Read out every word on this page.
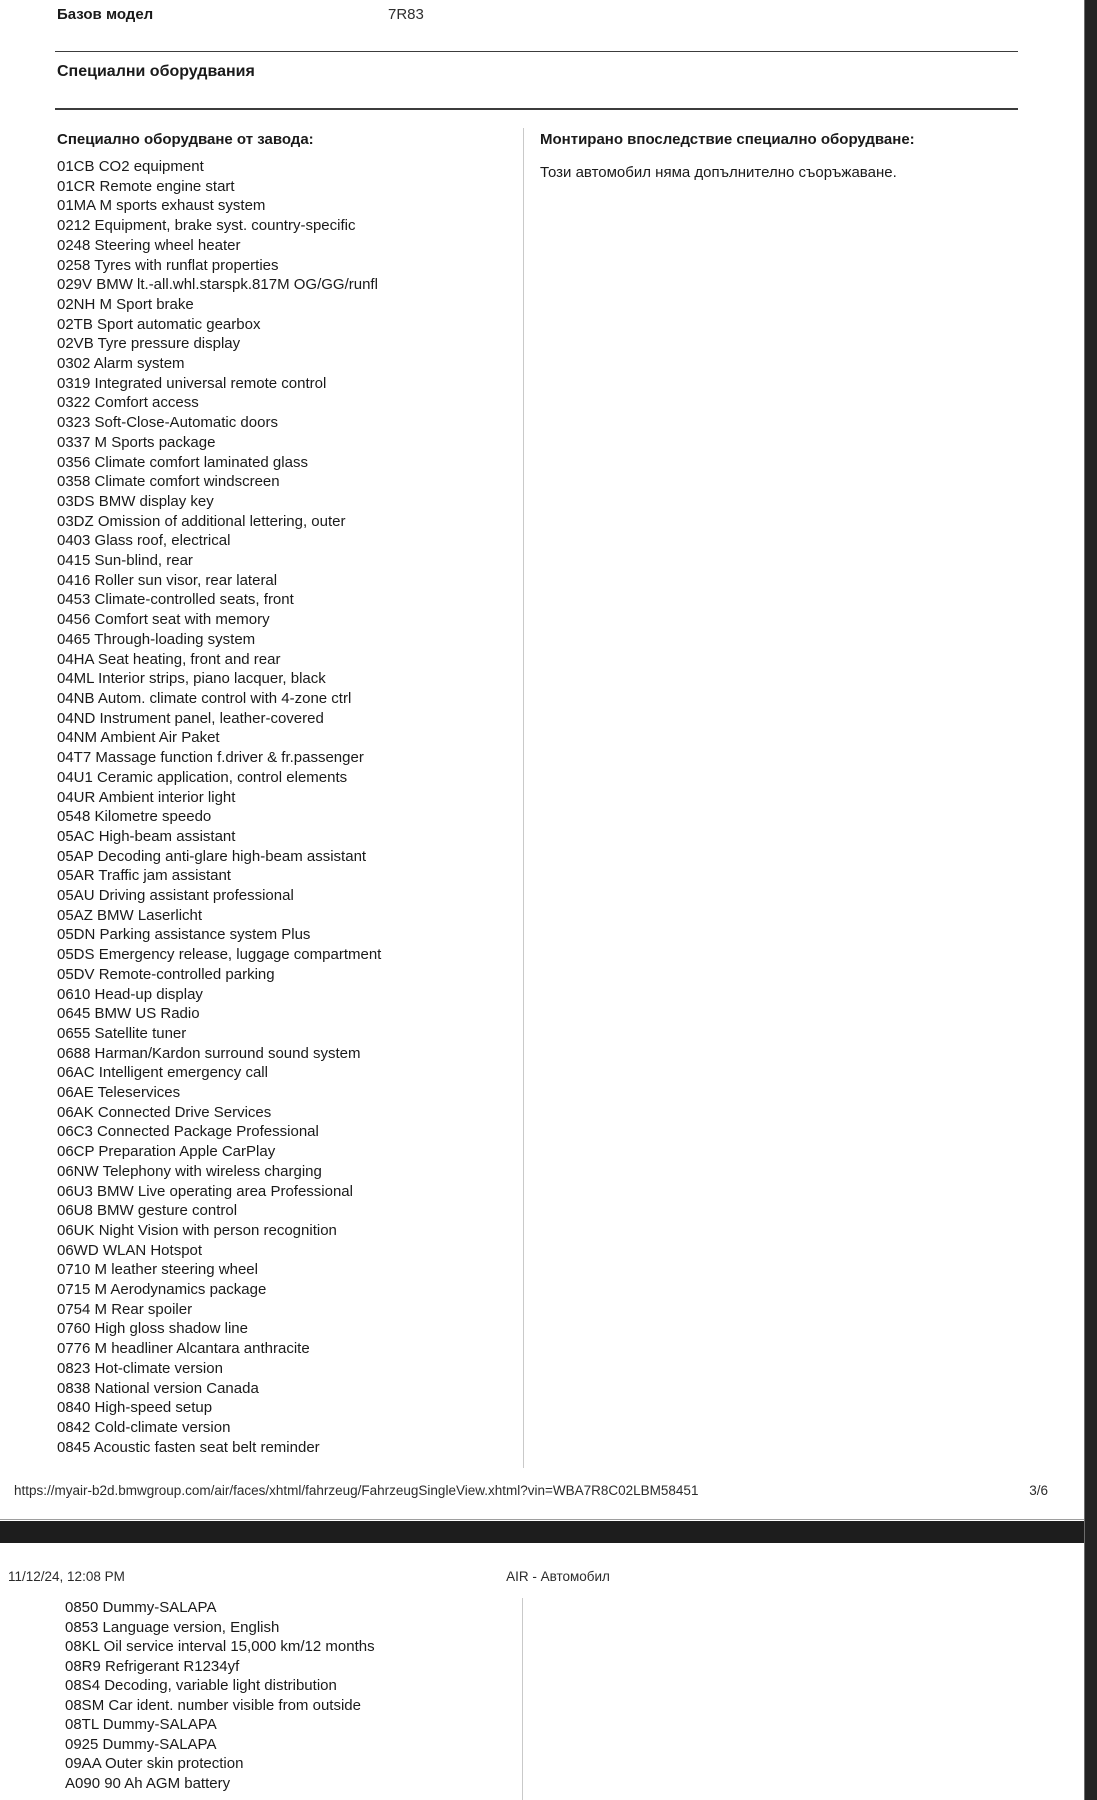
Базов модел	7R83
Специални оборудвания
Специално оборудване от завода:	Монтирано впоследствие специално оборудване:
01CB CO2 equipment
01CR Remote engine start
01MA M sports exhaust system
0212 Equipment, brake syst. country-specific
0248 Steering wheel heater
0258 Tyres with runflat properties
029V BMW lt.-all.whl.starspk.817M OG/GG/runfl
02NH M Sport brake
02TB Sport automatic gearbox
02VB Tyre pressure display
0302 Alarm system
0319 Integrated universal remote control
0322 Comfort access
0323 Soft-Close-Automatic doors
0337 M Sports package
0356 Climate comfort laminated glass
0358 Climate comfort windscreen
03DS BMW display key
03DZ Omission of additional lettering, outer
0403 Glass roof, electrical
0415 Sun-blind, rear
0416 Roller sun visor, rear lateral
0453 Climate-controlled seats, front
0456 Comfort seat with memory
0465 Through-loading system
04HA Seat heating, front and rear
04ML Interior strips, piano lacquer, black
04NB Autom. climate control with 4-zone ctrl
04ND Instrument panel, leather-covered
04NM Ambient Air Paket
04T7 Massage function f.driver & fr.passenger
04U1 Ceramic application, control elements
04UR Ambient interior light
0548 Kilometre speedo
05AC High-beam assistant
05AP Decoding anti-glare high-beam assistant
05AR Traffic jam assistant
05AU Driving assistant professional
05AZ BMW Laserlicht
05DN Parking assistance system Plus
05DS Emergency release, luggage compartment
05DV Remote-controlled parking
0610 Head-up display
0645 BMW US Radio
0655 Satellite tuner
0688 Harman/Kardon surround sound system
06AC Intelligent emergency call
06AE Teleservices
06AK Connected Drive Services
06C3 Connected Package Professional
06CP Preparation Apple CarPlay
06NW Telephony with wireless charging
06U3 BMW Live operating area Professional
06U8 BMW gesture control
06UK Night Vision with person recognition
06WD WLAN Hotspot
0710 M leather steering wheel
0715 M Aerodynamics package
0754 M Rear spoiler
0760 High gloss shadow line
0776 M headliner Alcantara anthracite
0823 Hot-climate version
0838 National version Canada
0840 High-speed setup
0842 Cold-climate version
0845 Acoustic fasten seat belt reminder
Този автомобил няма допълнително съоръжаване.
https://myair-b2d.bmwgroup.com/air/faces/xhtml/fahrzeug/FahrzeugSingleView.xhtml?vin=WBA7R8C02LBM58451	3/6
11/12/24, 12:08 PM	AIR - Автомобил
0850 Dummy-SALAPA
0853 Language version, English
08KL Oil service interval 15,000 km/12 months
08R9 Refrigerant R1234yf
08S4 Decoding, variable light distribution
08SM Car ident. number visible from outside
08TL Dummy-SALAPA
0925 Dummy-SALAPA
09AA Outer skin protection
A090 90 Ah AGM battery
